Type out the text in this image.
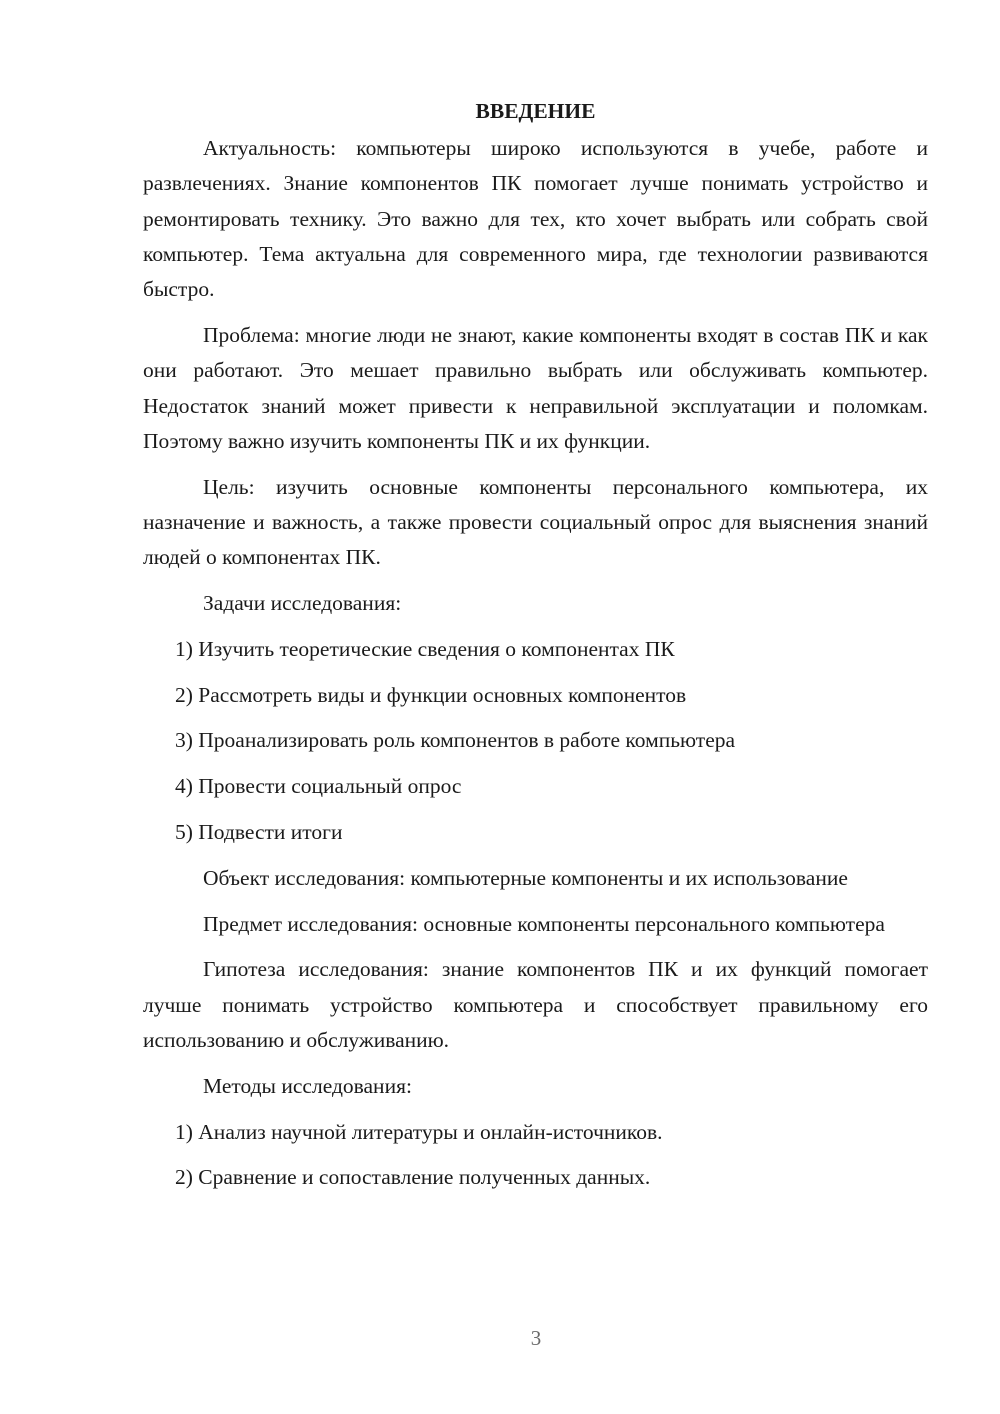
ВВЕДЕНИЕ

Актуальность: компьютеры широко используются в учебе, работе и развлечениях. Знание компонентов ПК помогает лучше понимать устройство и ремонтировать технику. Это важно для тех, кто хочет выбрать или собрать свой компьютер. Тема актуальна для современного мира, где технологии развиваются быстро.

Проблема: многие люди не знают, какие компоненты входят в состав ПК и как они работают. Это мешает правильно выбрать или обслуживать компьютер. Недостаток знаний может привести к неправильной эксплуатации и поломкам. Поэтому важно изучить компоненты ПК и их функции.

Цель: изучить основные компоненты персонального компьютера, их назначение и важность, а также провести социальный опрос для выяснения знаний людей о компонентах ПК.

Задачи исследования:

1) Изучить теоретические сведения о компонентах ПК
2) Рассмотреть виды и функции основных компонентов
3) Проанализировать роль компонентов в работе компьютера
4) Провести социальный опрос
5) Подвести итоги

Объект исследования: компьютерные компоненты и их использование

Предмет исследования: основные компоненты персонального компьютера

Гипотеза исследования: знание компонентов ПК и их функций помогает лучше понимать устройство компьютера и способствует правильному его использованию и обслуживанию.

Методы исследования:

1) Анализ научной литературы и онлайн-источников.
2) Сравнение и сопоставление полученных данных.
3
